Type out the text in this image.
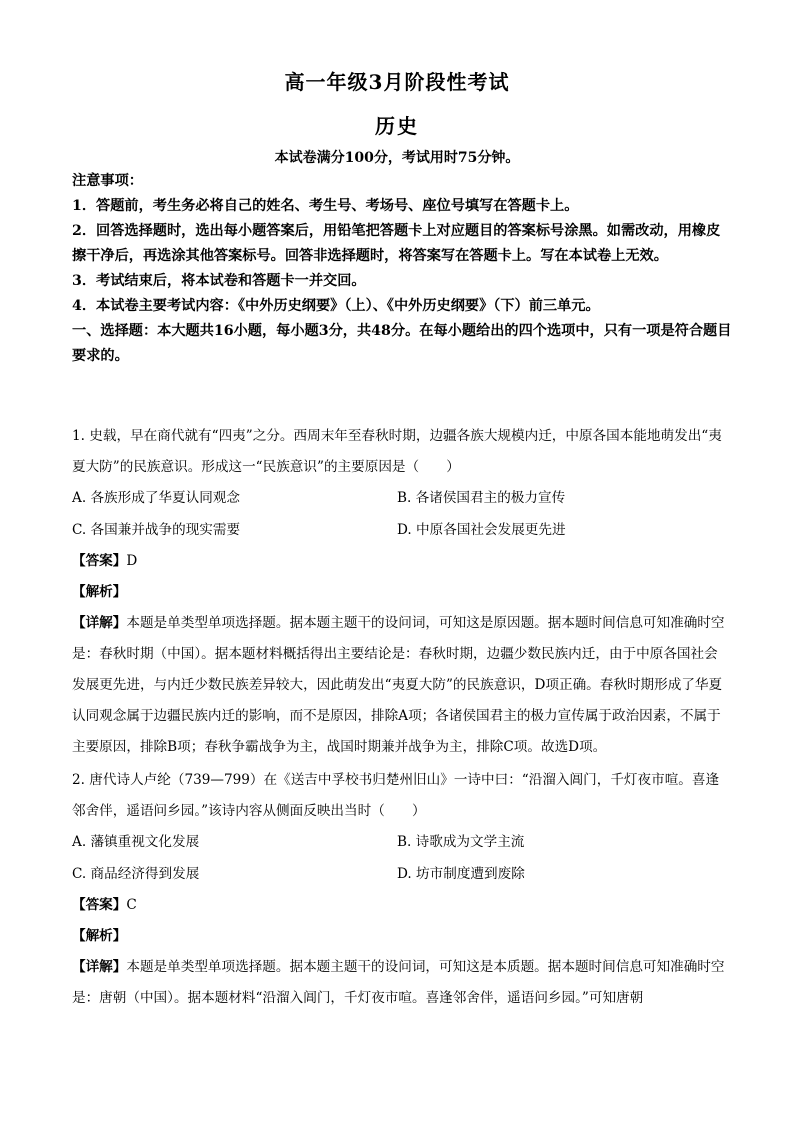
高一年级3月阶段性考试
历史
本试卷满分100分，考试用时75分钟。

注意事项：

1．答题前，考生务必将自己的姓名、考生号、考场号、座位号填写在答题卡上。

2．回答选择题时，选出每小题答案后，用铅笔把答题卡上对应题目的答案标号涂黑。如需改动，用橡皮擦干净后，再选涂其他答案标号。回答非选择题时，将答案写在答题卡上。写在本试卷上无效。

3．考试结束后，将本试卷和答题卡一并交回。

4．本试卷主要考试内容：《中外历史纲要》（上）、《中外历史纲要》（下）前三单元。

一、选择题：本大题共16小题，每小题3分，共48分。在每小题给出的四个选项中，只有一项是符合题目要求的。

1. 史载，早在商代就有“四夷”之分。西周末年至春秋时期，边疆各族大规模内迁，中原各国本能地萌发出“夷夏大防”的民族意识。形成这一“民族意识”的主要原因是（　　）

A. 各族形成了华夏认同观念	B. 各诸侯国君主的极力宣传
C. 各国兼并战争的现实需要	D. 中原各国社会发展更先进

【答案】D

【解析】

【详解】本题是单类型单项选择题。据本题主题干的设问词，可知这是原因题。据本题时间信息可知准确时空是：春秋时期（中国）。据本题材料概括得出主要结论是：春秋时期，边疆少数民族内迁，由于中原各国社会发展更先进，与内迁少数民族差异较大，因此萌发出“夷夏大防”的民族意识，D项正确。春秋时期形成了华夏认同观念属于边疆民族内迁的影响，而不是原因，排除A项；各诸侯国君主的极力宣传属于政治因素，不属于主要原因，排除B项；春秋争霸战争为主，战国时期兼并战争为主，排除C项。故选D项。

2. 唐代诗人卢纶（739—799）在《送吉中孚校书归楚州旧山》一诗中曰：“沿溜入阊门，千灯夜市喧。喜逢邻舍伴，遥语问乡园。”该诗内容从侧面反映出当时（　　）

A. 藩镇重视文化发展	B. 诗歌成为文学主流
C. 商品经济得到发展	D. 坊市制度遭到废除

【答案】C

【解析】

【详解】本题是单类型单项选择题。据本题主题干的设问词，可知这是本质题。据本题时间信息可知准确时空是：唐朝（中国）。据本题材料“沿溜入阊门，千灯夜市喧。喜逢邻舍伴，遥语问乡园。”可知唐朝
